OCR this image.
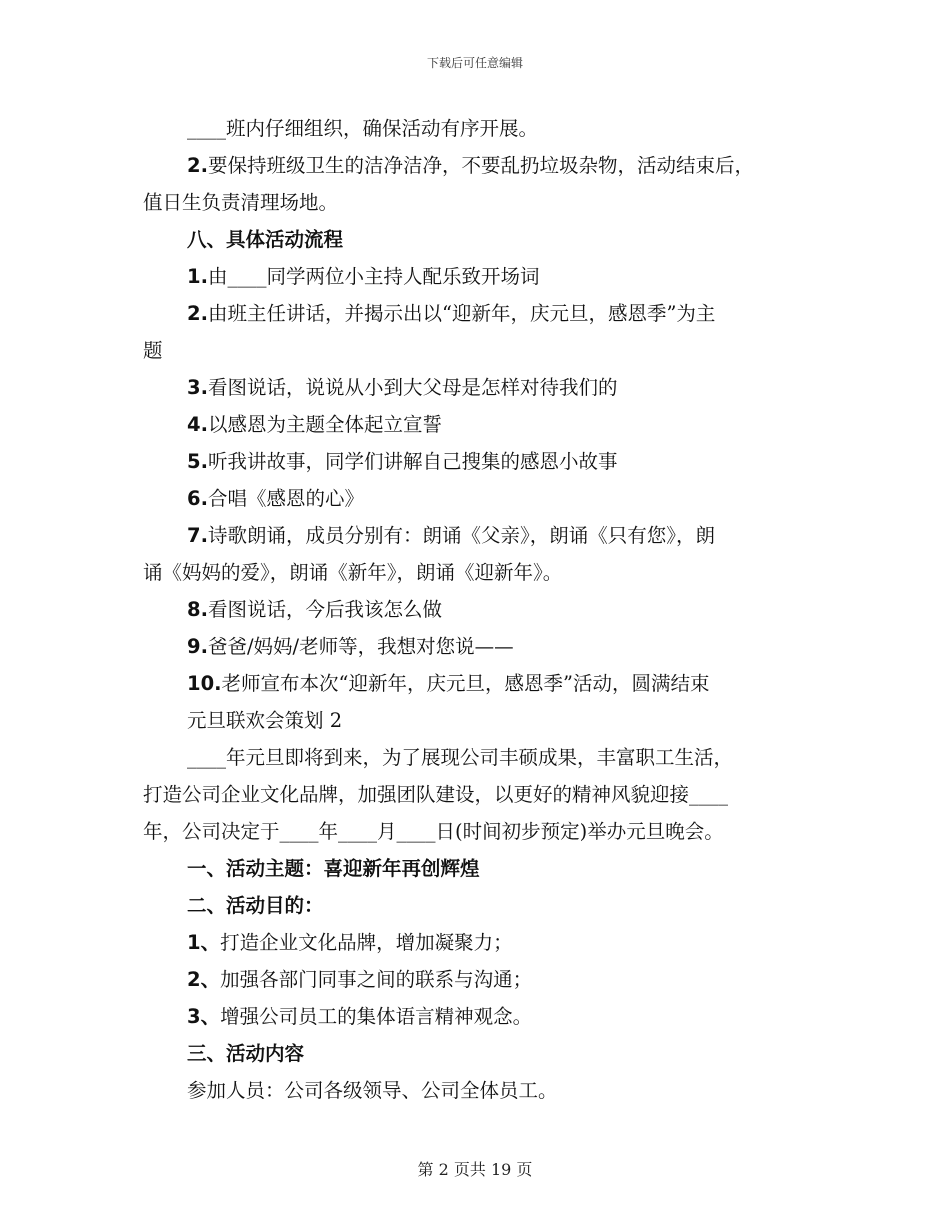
下载后可任意编辑
____班内仔细组织，确保活动有序开展。
2.要保持班级卫生的洁净洁净，不要乱扔垃圾杂物，活动结束后，
值日生负责清理场地。
八、具体活动流程
1.由____同学两位小主持人配乐致开场词
2.由班主任讲话，并揭示出以“迎新年，庆元旦，感恩季”为主
题
3.看图说话，说说从小到大父母是怎样对待我们的
4.以感恩为主题全体起立宣誓
5.听我讲故事，同学们讲解自己搜集的感恩小故事
6.合唱《感恩的心》
7.诗歌朗诵，成员分别有：朗诵《父亲》，朗诵《只有您》，朗
诵《妈妈的爱》，朗诵《新年》，朗诵《迎新年》。
8.看图说话，今后我该怎么做
9.爸爸/妈妈/老师等，我想对您说——
10.老师宣布本次“迎新年，庆元旦，感恩季”活动，圆满结束
元旦联欢会策划 2
____年元旦即将到来，为了展现公司丰硕成果，丰富职工生活，
打造公司企业文化品牌，加强团队建设，以更好的精神风貌迎接____
年，公司决定于____年____月____日(时间初步预定)举办元旦晚会。
一、活动主题：喜迎新年再创辉煌
二、活动目的：
1、打造企业文化品牌，增加凝聚力；
2、加强各部门同事之间的联系与沟通；
3、增强公司员工的集体语言精神观念。
三、活动内容
参加人员：公司各级领导、公司全体员工。
第 2 页共 19 页
